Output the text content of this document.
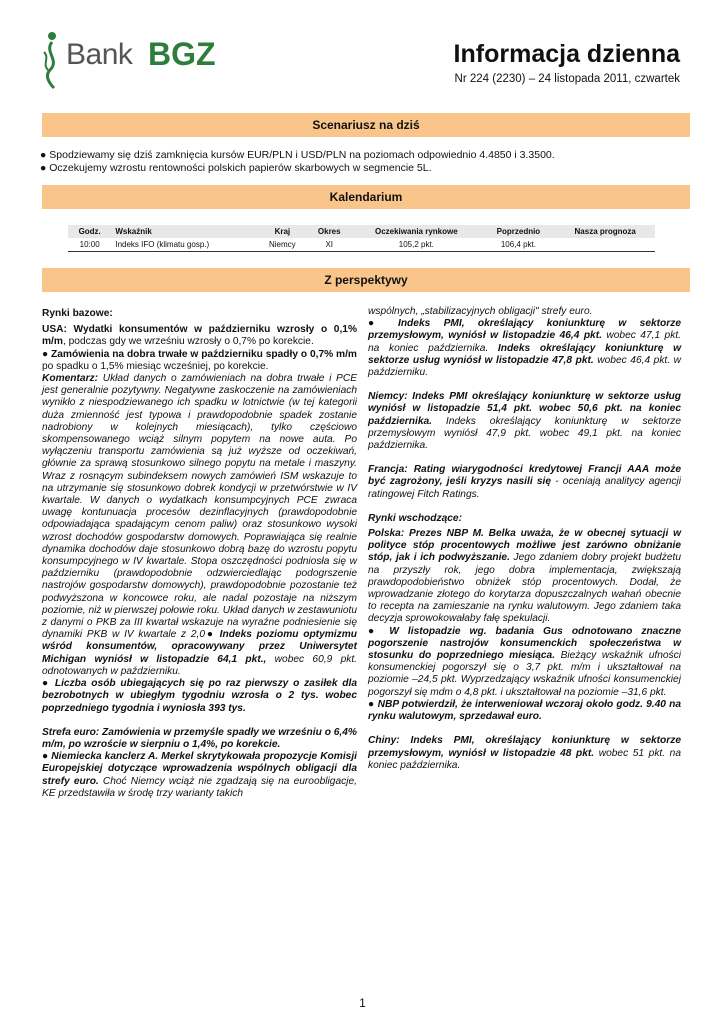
Bank BGZ	Informacja dzienna
Nr 224 (2230) – 24 listopada 2011, czwartek
Scenariusz na dziś
● Spodziewamy się dziś zamknięcia kursów EUR/PLN i USD/PLN na poziomach odpowiednio 4.4850 i 3.3500.
● Oczekujemy wzrostu rentowności polskich papierów skarbowych w segmencie 5L.
Kalendarium
Godz.	Wskaźnik	Kraj	Okres	Oczekiwania rynkowe	Poprzednio	Nasza prognoza
10:00	Indeks IFO (klimatu gosp.)	Niemcy	XI	105,2 pkt.	106,4 pkt.	
Z perspektywy

Rynki bazowe:

USA: Wydatki konsumentów w październiku wzrosły o 0,1% m/m, podczas gdy we wrześniu wzrosły o 0,7% po korekcie.

● Zamówienia na dobra trwałe w październiku spadły o 0,7% m/m po spadku o 1,5% miesiąc wcześniej, po korekcie.

Komentarz: Układ danych o zamówieniach na dobra trwałe i PCE jest generalnie pozytywny. Negatywne zaskoczenie na zamówieniach wynikło z niespodziewanego ich spadku w lotnictwie (w tej kategorii duża zmienność jest typowa i prawdopodobnie spadek zostanie nadrobiony w kolejnych miesiącach), tylko częściowo skompensowanego wciąż silnym popytem na nowe auta. Po wyłączeniu transportu zamówienia są już wyższe od oczekiwań, głównie za sprawą stosunkowo silnego popytu na metale i maszyny. Wraz z rosnącym subindeksem nowych zamówień ISM wskazuje to na utrzymanie się stosunkowo dobrek kondycji w przetwórstwie w IV kwartale. W danych o wydatkach konsumpcyjnych PCE zwraca uwagę kontunuacja procesów dezinflacyjnych (prawdopodobnie odpowiadająca spadającym cenom paliw) oraz stosunkowo wysoki wzrost dochodów gospodarstw domowych. Poprawiająca się realnie dynamika dochodów daje stosunkowo dobrą bazę do wzrostu popytu konsumpcyjnego w IV kwartale. Stopa oszczędności podniosła się w październiku (prawdopodobnie odzwierciedlając podogrszenie nastrojów gospodarstw domowych), prawdopodobnie pozostanie też podwyższona w koncowce roku, ale nadal pozostaje na niższym poziomie, niż w pierwszej połowie roku. Układ danych w zestawuniotu z danymi o PKB za III kwartał wskazuje na wyraźne podniesienie się dynamiki PKB w IV kwartale z 2,0● Indeks poziomu optymizmu wśród konsumentów, opracowywany przez Uniwersytet Michigan wyniósł w listopadzie 64,1 pkt., wobec 60,9 pkt. odnotowanych w październiku.

● Liczba osób ubiegających się po raz pierwszy o zasiłek dla bezrobotnych w ubiegłym tygodniu wzrosła o 2 tys. wobec poprzedniego tygodnia i wyniosła 393 tys.

Strefa euro: Zamówienia w przemyśle spadły we wrześniu o 6,4% m/m, po wzroście w sierpniu o 1,4%, po korekcie.

● Niemiecka kanclerz A. Merkel skrytykowała propozycje Komisji Europejskiej dotyczące wprowadzenia wspólnych obligacji dla strefy euro. Choć Niemcy wciąż nie zgadzają się na euroobligacje, KE przedstawiła w środę trzy warianty takich

wspólnych, „stabilizacyjnych obligacji" strefy euro.

● Indeks PMI, określający koniunkturę w sektorze przemysłowym, wyniósł w listopadzie 46,4 pkt. wobec 47,1 pkt. na koniec października. Indeks określający koniunkturę w sektorze usług wyniósł w listopadzie 47,8 pkt. wobec 46,4 pkt. w październiku.

Niemcy: Indeks PMI określający koniunkturę w sektorze usług wyniósł w listopadzie 51,4 pkt. wobec 50,6 pkt. na koniec października. Indeks określający koniunkturę w sektorze przemysłowym wyniósł 47,9 pkt. wobec 49,1 pkt. na koniec października.

Francja: Rating wiarygodności kredytowej Francji AAA może być zagrożony, jeśli kryzys nasili się - oceniają analitycy agencji ratingowej Fitch Ratings.

Rynki wschodzące:

Polska: Prezes NBP M. Belka uważa, że w obecnej sytuacji w polityce stóp procentowych możliwe jest zarówno obniżanie stóp, jak i ich podwyższanie. Jego zdaniem dobry projekt budżetu na przyszły rok, jego dobra implementacja, zwiększają prawdopodobieństwo obniżek stóp procentowych. Dodał, że wprowadzanie złotego do korytarza dopuszczalnych wahań obecnie to recepta na zamieszanie na rynku walutowym. Jego zdaniem taka decyzja sprowokowałaby fałę spekulacji.

● W listopadzie wg. badania Gus odnotowano znaczne pogorszenie nastrojów konsumenckich społeczeństwa w stosunku do poprzedniego miesiąca. Bieżący wskaźnik ufności konsumenckiej pogorszył się o 3,7 pkt. m/m i ukształtował na poziomie –24,5 pkt. Wyprzedzający wskaźnik ufności konsumenckiej pogorszył się mdm o 4,8 pkt. i ukształtował na poziomie –31,6 pkt.

● NBP potwierdził, że interweniował wczoraj około godz. 9.40 na rynku walutowym, sprzedawał euro.

Chiny: Indeks PMI, określający koniunkturę w sektorze przemysłowym, wyniósł w listopadzie 48 pkt. wobec 51 pkt. na koniec października.

1
